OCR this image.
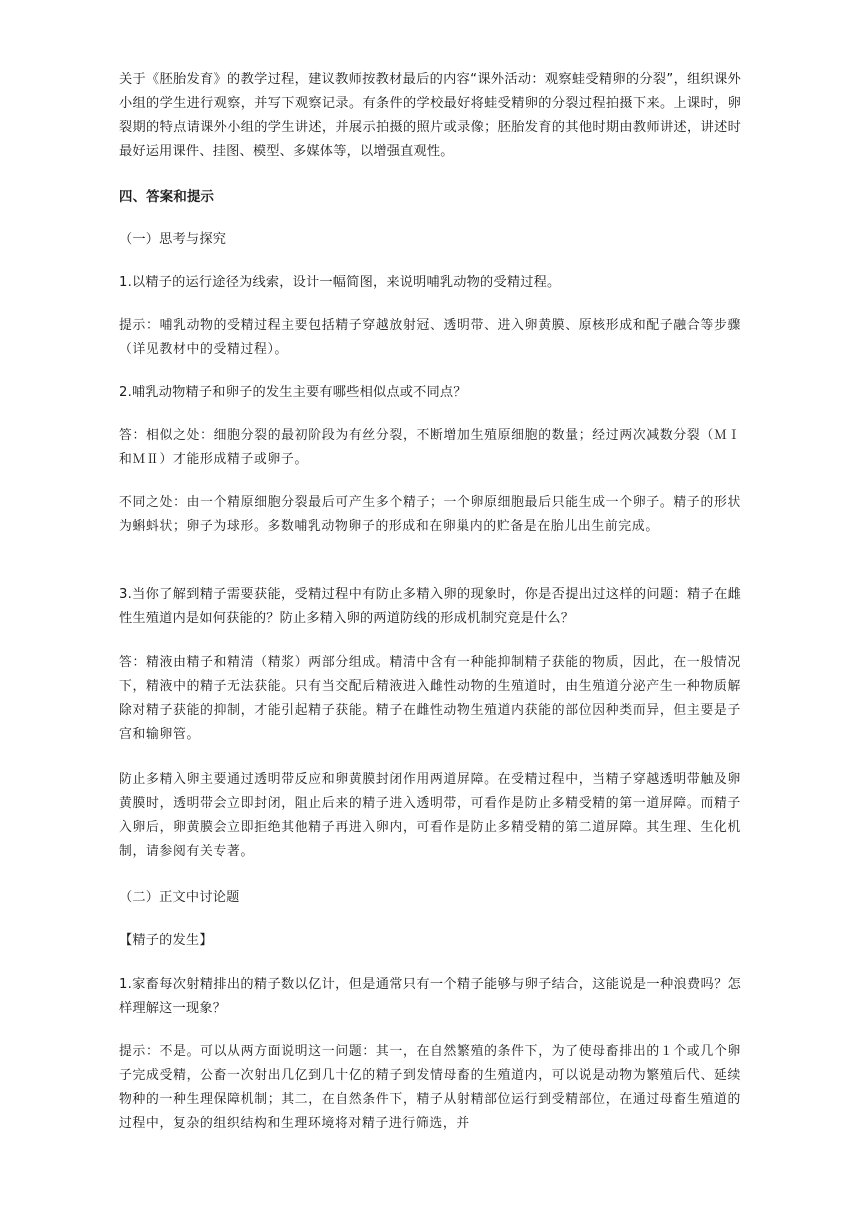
关于《胚胎发育》的教学过程，建议教师按教材最后的内容“课外活动：观察蛙受精卵的分裂”，组织课外小组的学生进行观察，并写下观察记录。有条件的学校最好将蛙受精卵的分裂过程拍摄下来。上课时，卵裂期的特点请课外小组的学生讲述，并展示拍摄的照片或录像；胚胎发育的其他时期由教师讲述，讲述时最好运用课件、挂图、模型、多媒体等，以增强直观性。

四、答案和提示

（一）思考与探究

1.以精子的运行途径为线索，设计一幅简图，来说明哺乳动物的受精过程。

提示：哺乳动物的受精过程主要包括精子穿越放射冠、透明带、进入卵黄膜、原核形成和配子融合等步骤（详见教材中的受精过程）。

2.哺乳动物精子和卵子的发生主要有哪些相似点或不同点？

答：相似之处：细胞分裂的最初阶段为有丝分裂，不断增加生殖原细胞的数量；经过两次减数分裂（ＭⅠ和ＭⅡ）才能形成精子或卵子。

不同之处：由一个精原细胞分裂最后可产生多个精子；一个卵原细胞最后只能生成一个卵子。精子的形状为蝌蚪状；卵子为球形。多数哺乳动物卵子的形成和在卵巢内的贮备是在胎儿出生前完成。

3.当你了解到精子需要获能，受精过程中有防止多精入卵的现象时，你是否提出过这样的问题：精子在雌性生殖道内是如何获能的？防止多精入卵的两道防线的形成机制究竟是什么？

答：精液由精子和精清（精浆）两部分组成。精清中含有一种能抑制精子获能的物质，因此，在一般情况下，精液中的精子无法获能。只有当交配后精液进入雌性动物的生殖道时，由生殖道分泌产生一种物质解除对精子获能的抑制，才能引起精子获能。精子在雌性动物生殖道内获能的部位因种类而异，但主要是子宫和输卵管。

防止多精入卵主要通过透明带反应和卵黄膜封闭作用两道屏障。在受精过程中，当精子穿越透明带触及卵黄膜时，透明带会立即封闭，阻止后来的精子进入透明带，可看作是防止多精受精的第一道屏障。而精子入卵后，卵黄膜会立即拒绝其他精子再进入卵内，可看作是防止多精受精的第二道屏障。其生理、生化机制，请参阅有关专著。

（二）正文中讨论题

【精子的发生】

1.家畜每次射精排出的精子数以亿计，但是通常只有一个精子能够与卵子结合，这能说是一种浪费吗？怎样理解这一现象？

提示：不是。可以从两方面说明这一问题：其一，在自然繁殖的条件下，为了使母畜排出的１个或几个卵子完成受精，公畜一次射出几亿到几十亿的精子到发情母畜的生殖道内，可以说是动物为繁殖后代、延续物种的一种生理保障机制；其二，在自然条件下，精子从射精部位运行到受精部位，在通过母畜生殖道的过程中，复杂的组织结构和生理环境将对精子进行筛选，并
